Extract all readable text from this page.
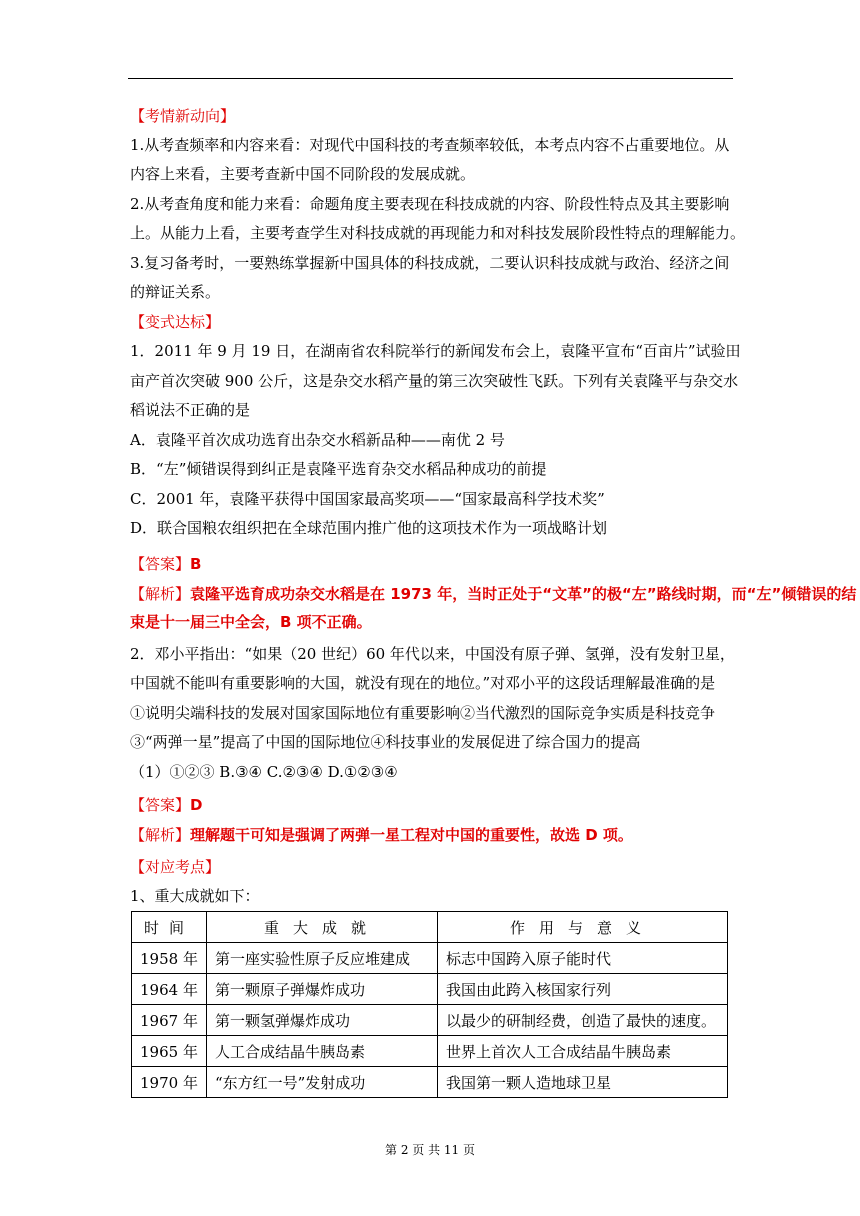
【考情新动向】
1.从考查频率和内容来看：对现代中国科技的考查频率较低，本考点内容不占重要地位。从
内容上来看，主要考查新中国不同阶段的发展成就。
2.从考查角度和能力来看：命题角度主要表现在科技成就的内容、阶段性特点及其主要影响
上。从能力上看，主要考查学生对科技成就的再现能力和对科技发展阶段性特点的理解能力。
3.复习备考时，一要熟练掌握新中国具体的科技成就，二要认识科技成就与政治、经济之间
的辩证关系。
【变式达标】
1．2011 年 9 月 19 日，在湖南省农科院举行的新闻发布会上，袁隆平宣布“百亩片”试验田
亩产首次突破 900 公斤，这是杂交水稻产量的第三次突破性飞跃。下列有关袁隆平与杂交水
稻说法不正确的是
A．袁隆平首次成功选育出杂交水稻新品种——南优 2 号
B．“左”倾错误得到纠正是袁隆平选育杂交水稻品种成功的前提
C．2001 年，袁隆平获得中国国家最高奖项——“国家最高科学技术奖”
D．联合国粮农组织把在全球范围内推广他的这项技术作为一项战略计划
【答案】B
【解析】袁隆平选育成功杂交水稻是在 1973 年，当时正处于“文革”的极“左”路线时期，而“左”倾错误的结
束是十一届三中全会，B 项不正确。
2．邓小平指出：“如果（20 世纪）60 年代以来，中国没有原子弹、氢弹，没有发射卫星，
中国就不能叫有重要影响的大国，就没有现在的地位。”对邓小平的这段话理解最准确的是
①说明尖端科技的发展对国家国际地位有重要影响②当代激烈的国际竞争实质是科技竞争
③“两弹一星”提高了中国的国际地位④科技事业的发展促进了综合国力的提高
（1）①②③ B.③④ C.②③④ D.①②③④
【答案】D
【解析】理解题干可知是强调了两弹一星工程对中国的重要性，故选 D 项。
【对应考点】
1、重大成就如下：
时间	重大成就	作用与意义
1958 年	第一座实验性原子反应堆建成	标志中国跨入原子能时代
1964 年	第一颗原子弹爆炸成功	我国由此跨入核国家行列
1967 年	第一颗氢弹爆炸成功	以最少的研制经费，创造了最快的速度。
1965 年	人工合成结晶牛胰岛素	世界上首次人工合成结晶牛胰岛素
1970 年	“东方红一号”发射成功	我国第一颗人造地球卫星
第 2 页 共 11 页
